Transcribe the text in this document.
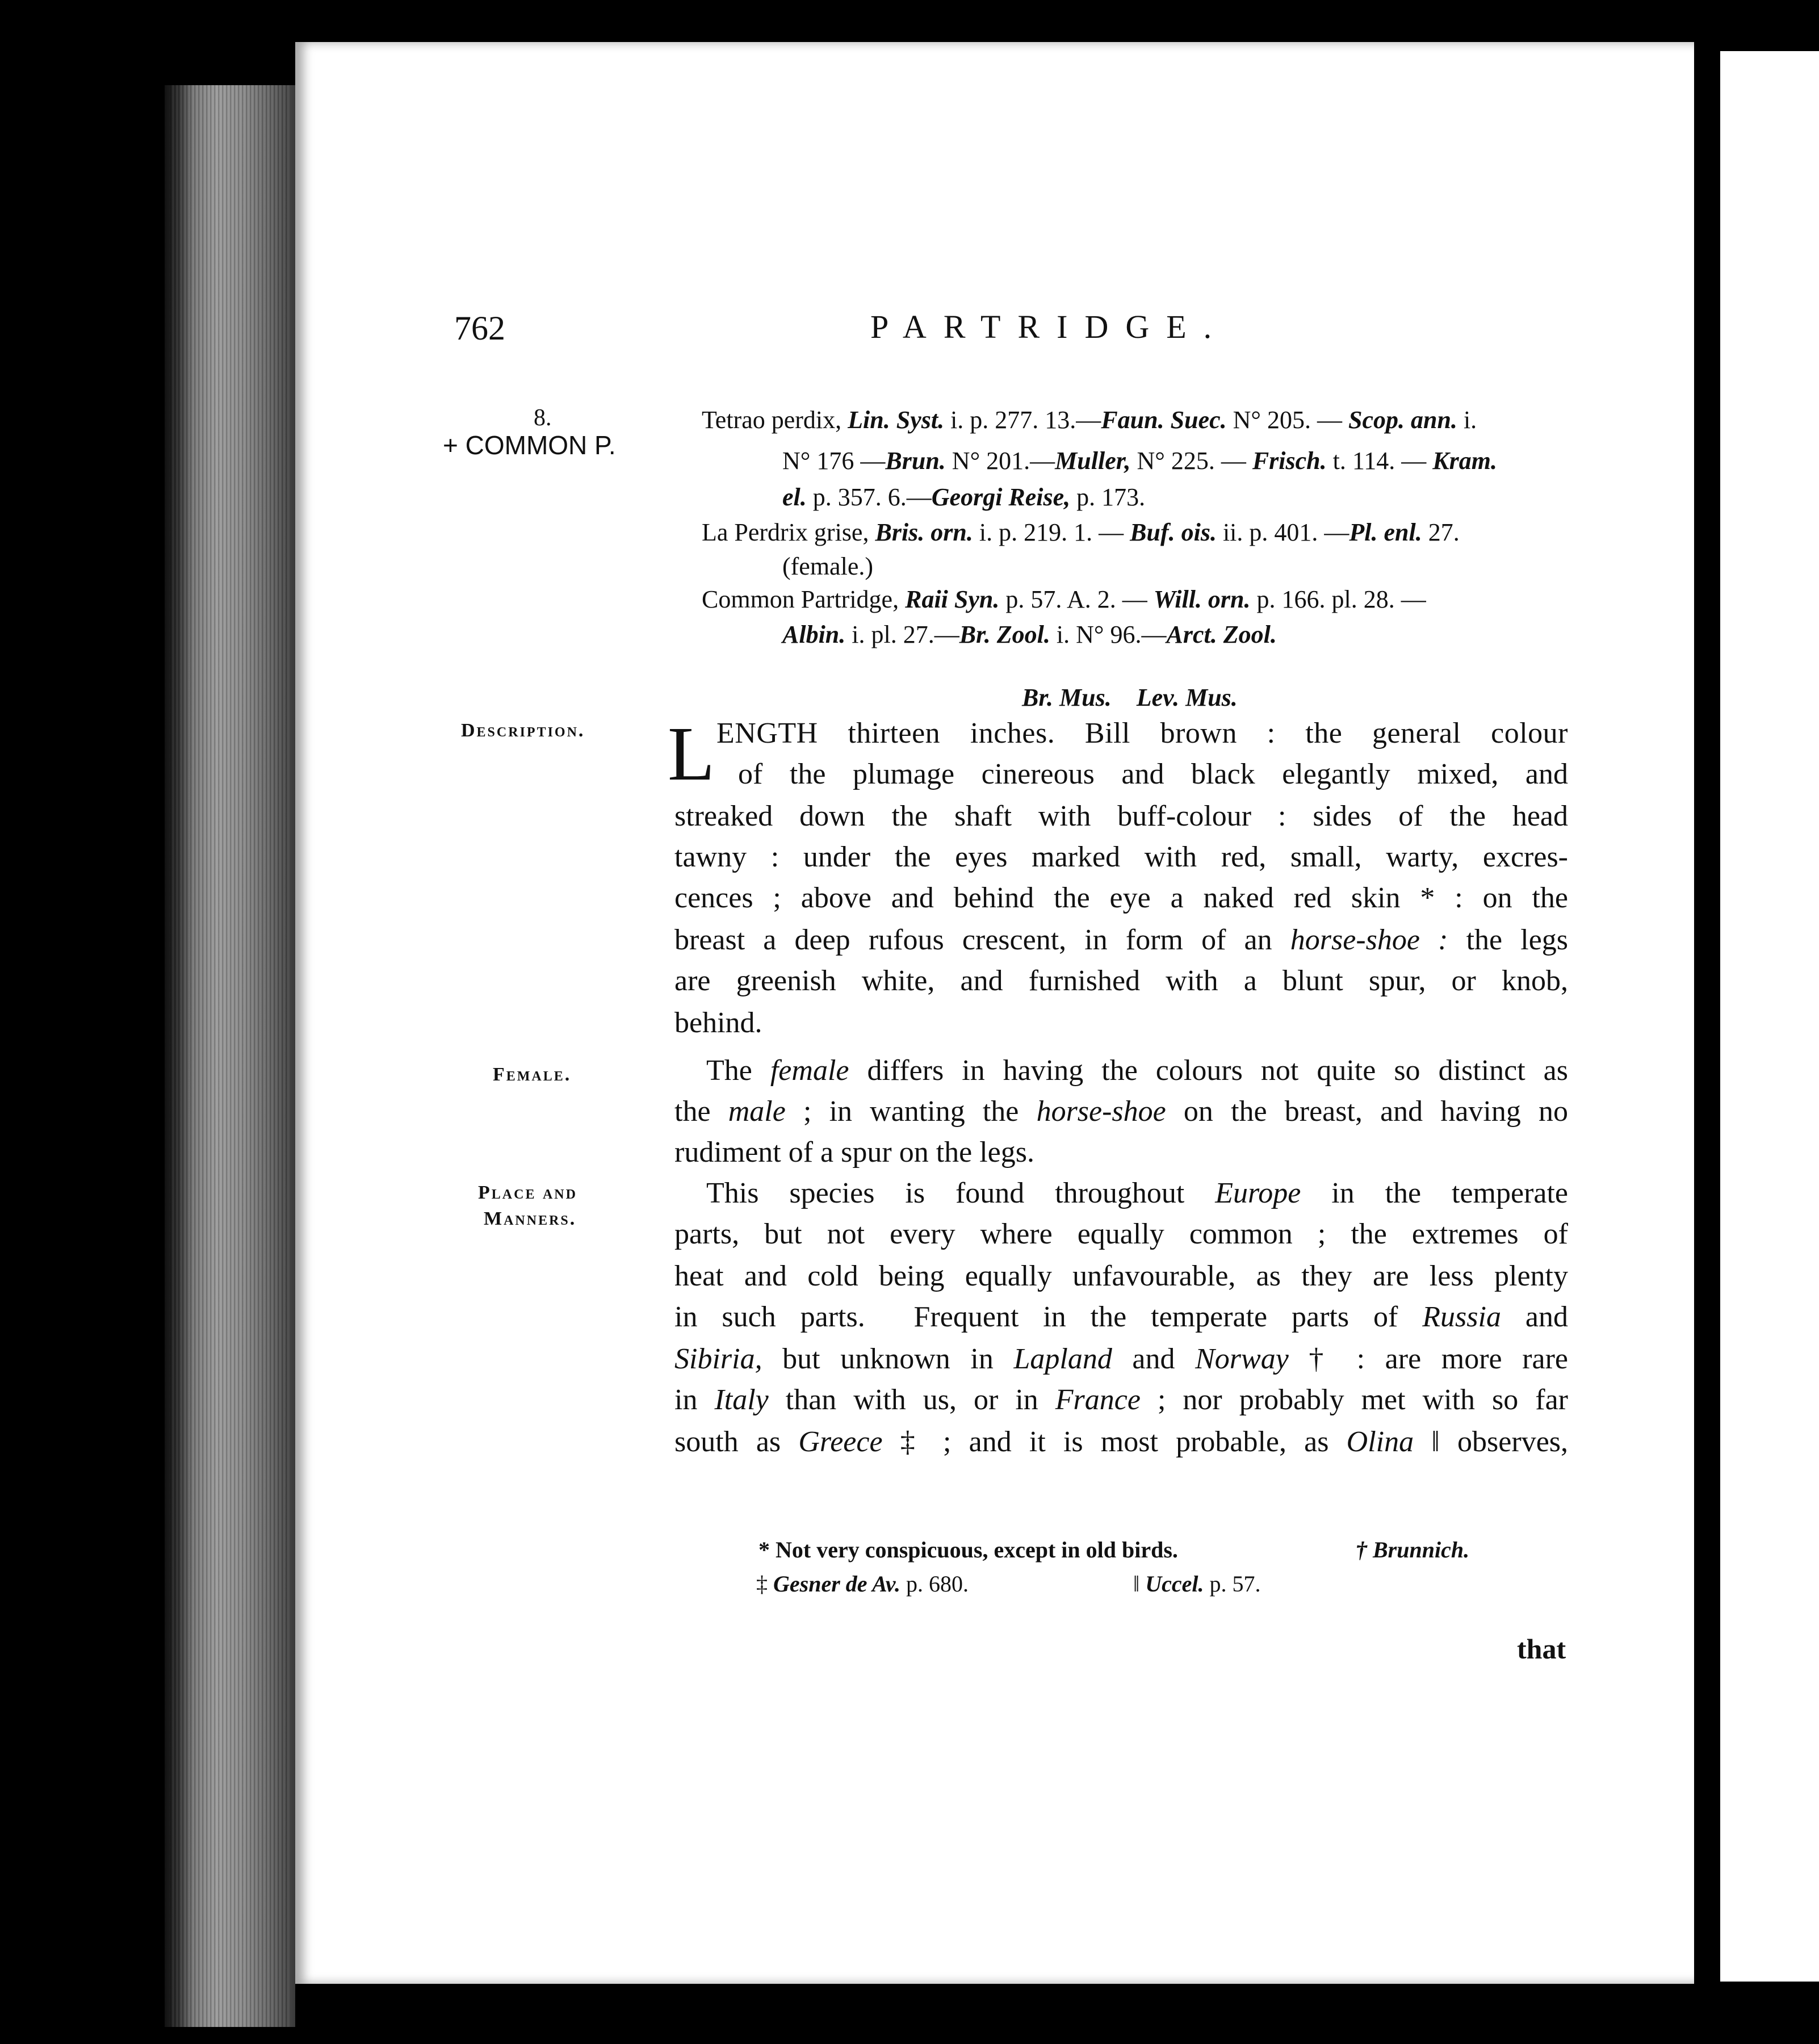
762	PARTRIDGE.
8.
+ COMMON P.
Description.
Female.
Place and
Manners.
Tetrao perdix, Lin. Syst. i. p. 277. 13.—Faun. Suec. N° 205. — Scop. ann. i.
N° 176 —Brun. N° 201.—Muller, N° 225. — Frisch. t. 114. — Kram.
el. p. 357. 6.—Georgi Reise, p. 173.
La Perdrix grise, Bris. orn. i. p. 219. 1. — Buf. ois. ii. p. 401. —Pl. enl. 27.
(female.)
Common Partridge, Raii Syn. p. 57. A. 2. — Will. orn. p. 166. pl. 28. —
Albin. i. pl. 27.—Br. Zool. i. N° 96.—Arct. Zool.

Br. Mus. Lev. Mus.

L ENGTH thirteen inches. Bill brown : the general colour
of the plumage cinereous and black elegantly mixed, and
streaked down the shaft with buff-colour : sides of the head
tawny : under the eyes marked with red, small, warty, excres-
cences ; above and behind the eye a naked red skin * : on the
breast a deep rufous crescent, in form of an horse-shoe : the legs
are greenish white, and furnished with a blunt spur, or knob,
behind.
The female differs in having the colours not quite so distinct as
the male ; in wanting the horse-shoe on the breast, and having no
rudiment of a spur on the legs.
This species is found throughout Europe in the temperate
parts, but not every where equally common ; the extremes of
heat and cold being equally unfavourable, as they are less plenty
in such parts.  Frequent in the temperate parts of Russia and
Sibiria, but unknown in Lapland and Norway † : are more rare
in Italy than with us, or in France ; nor probably met with so far
south as Greece ‡ ; and it is most probable, as Olina ‖ observes,
* Not very conspicuous, except in old birds.	† Brunnich.
‡ Gesner de Av. p. 680.	‖ Uccel. p. 57.
that
